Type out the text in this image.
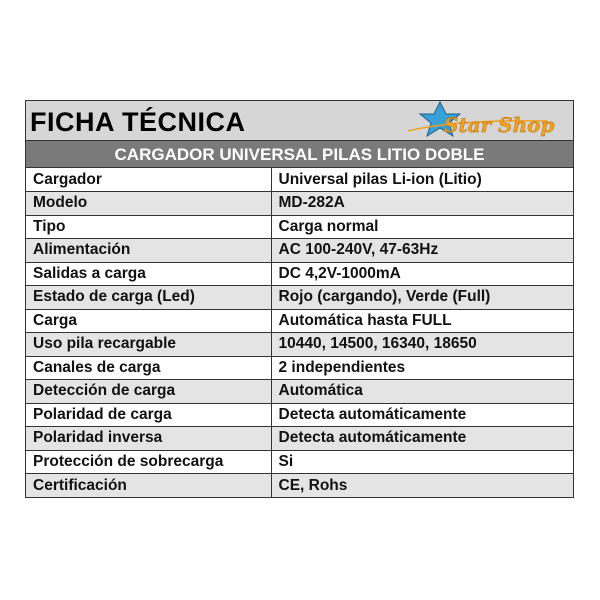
FICHA TÉCNICA	Star Shop
CARGADOR UNIVERSAL PILAS LITIO DOBLE
Cargador	Universal pilas Li-ion (Litio)
Modelo	MD-282A
Tipo	Carga normal
Alimentación	AC 100-240V, 47-63Hz
Salidas a carga	DC 4,2V-1000mA
Estado de carga (Led)	Rojo (cargando), Verde (Full)
Carga	Automática hasta FULL
Uso pila recargable	10440, 14500, 16340, 18650
Canales de carga	2 independientes
Detección de carga	Automática
Polaridad de carga	Detecta automáticamente
Polaridad inversa	Detecta automáticamente
Protección de sobrecarga	Si
Certificación	CE, Rohs
